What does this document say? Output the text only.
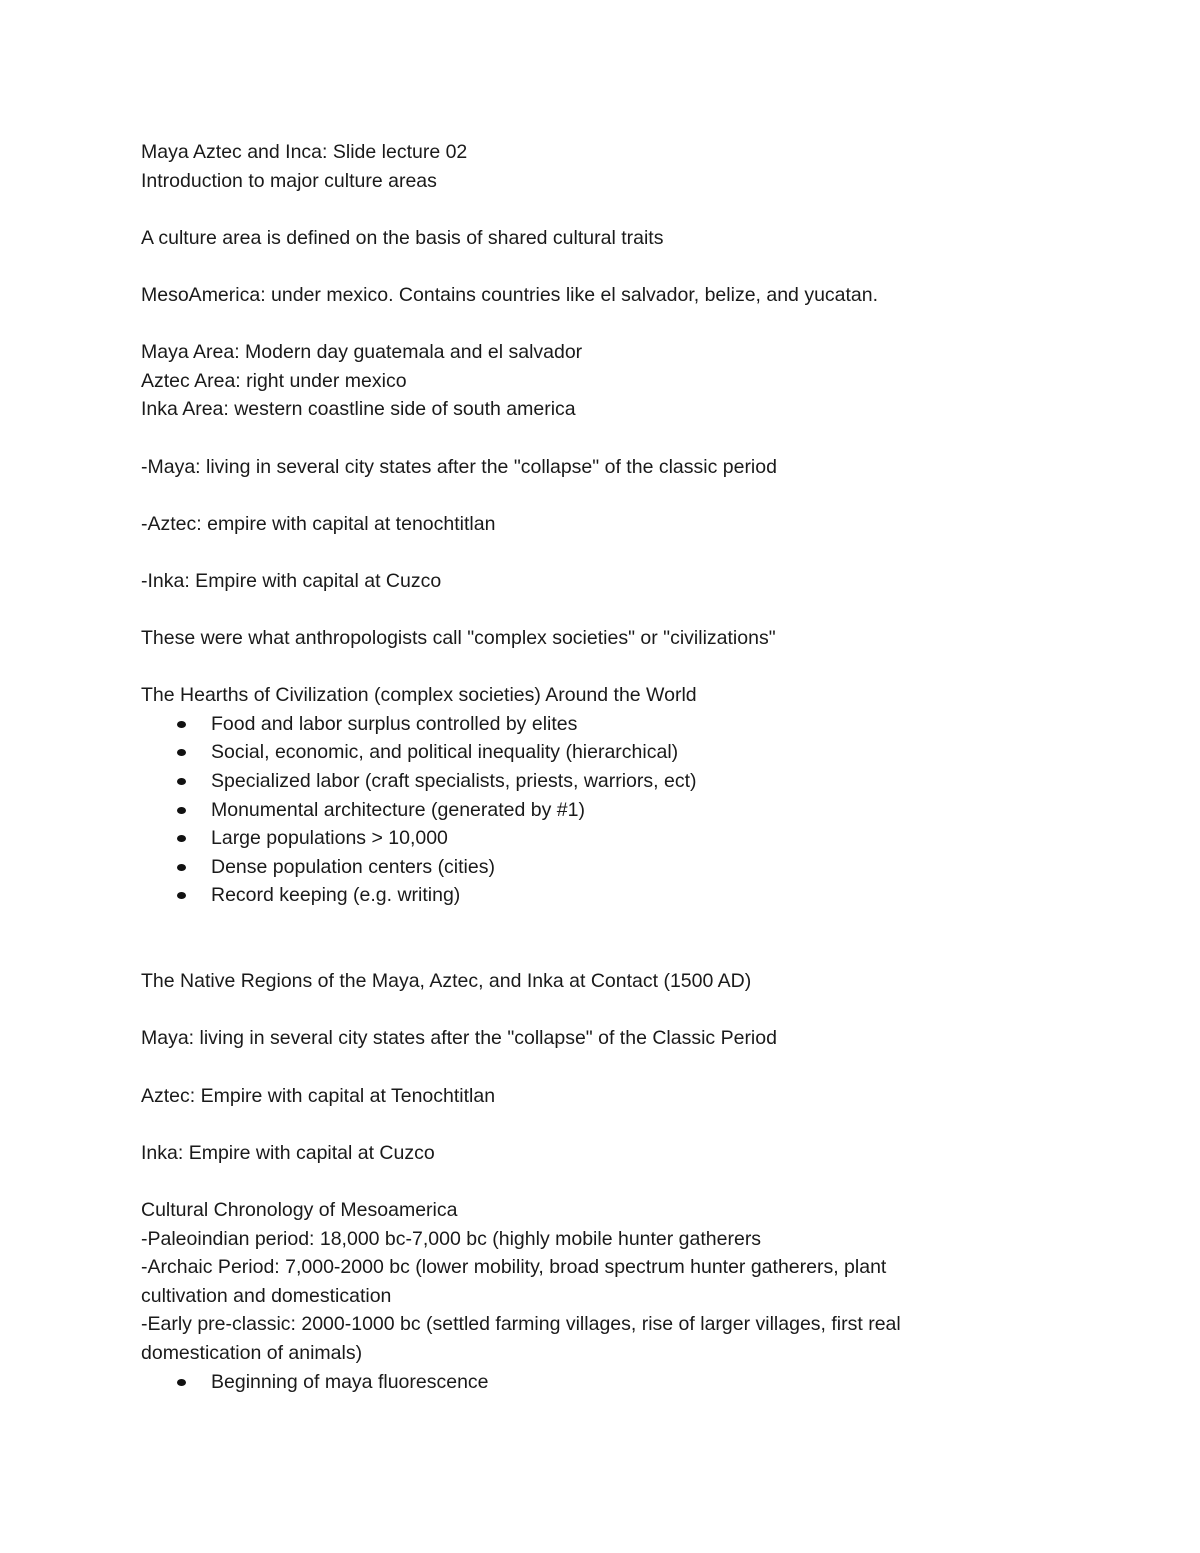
Maya Aztec and Inca: Slide lecture 02
Introduction to major culture areas
A culture area is defined on the basis of shared cultural traits
MesoAmerica: under mexico. Contains countries like el salvador, belize, and yucatan.
Maya Area: Modern day guatemala and el salvador
Aztec Area: right under mexico
Inka Area: western coastline side of south america
-Maya: living in several city states after the "collapse" of the classic period
-Aztec: empire with capital at tenochtitlan
-Inka: Empire with capital at Cuzco
These were what anthropologists call "complex societies" or "civilizations"
The Hearths of Civilization (complex societies) Around the World
Food and labor surplus controlled by elites
Social, economic, and political inequality (hierarchical)
Specialized labor (craft specialists, priests, warriors, ect)
Monumental architecture (generated by #1)
Large populations > 10,000
Dense population centers (cities)
Record keeping (e.g. writing)
The Native Regions of the Maya, Aztec, and Inka at Contact (1500 AD)
Maya: living in several city states after the "collapse" of the Classic Period
Aztec: Empire with capital at Tenochtitlan
Inka: Empire with capital at Cuzco
Cultural Chronology of Mesoamerica
-Paleoindian period: 18,000 bc-7,000 bc (highly mobile hunter gatherers
-Archaic Period: 7,000-2000 bc (lower mobility, broad spectrum hunter gatherers, plant
cultivation and domestication
-Early pre-classic: 2000-1000 bc (settled farming villages, rise of larger villages, first real
domestication of animals)
Beginning of maya fluorescence
